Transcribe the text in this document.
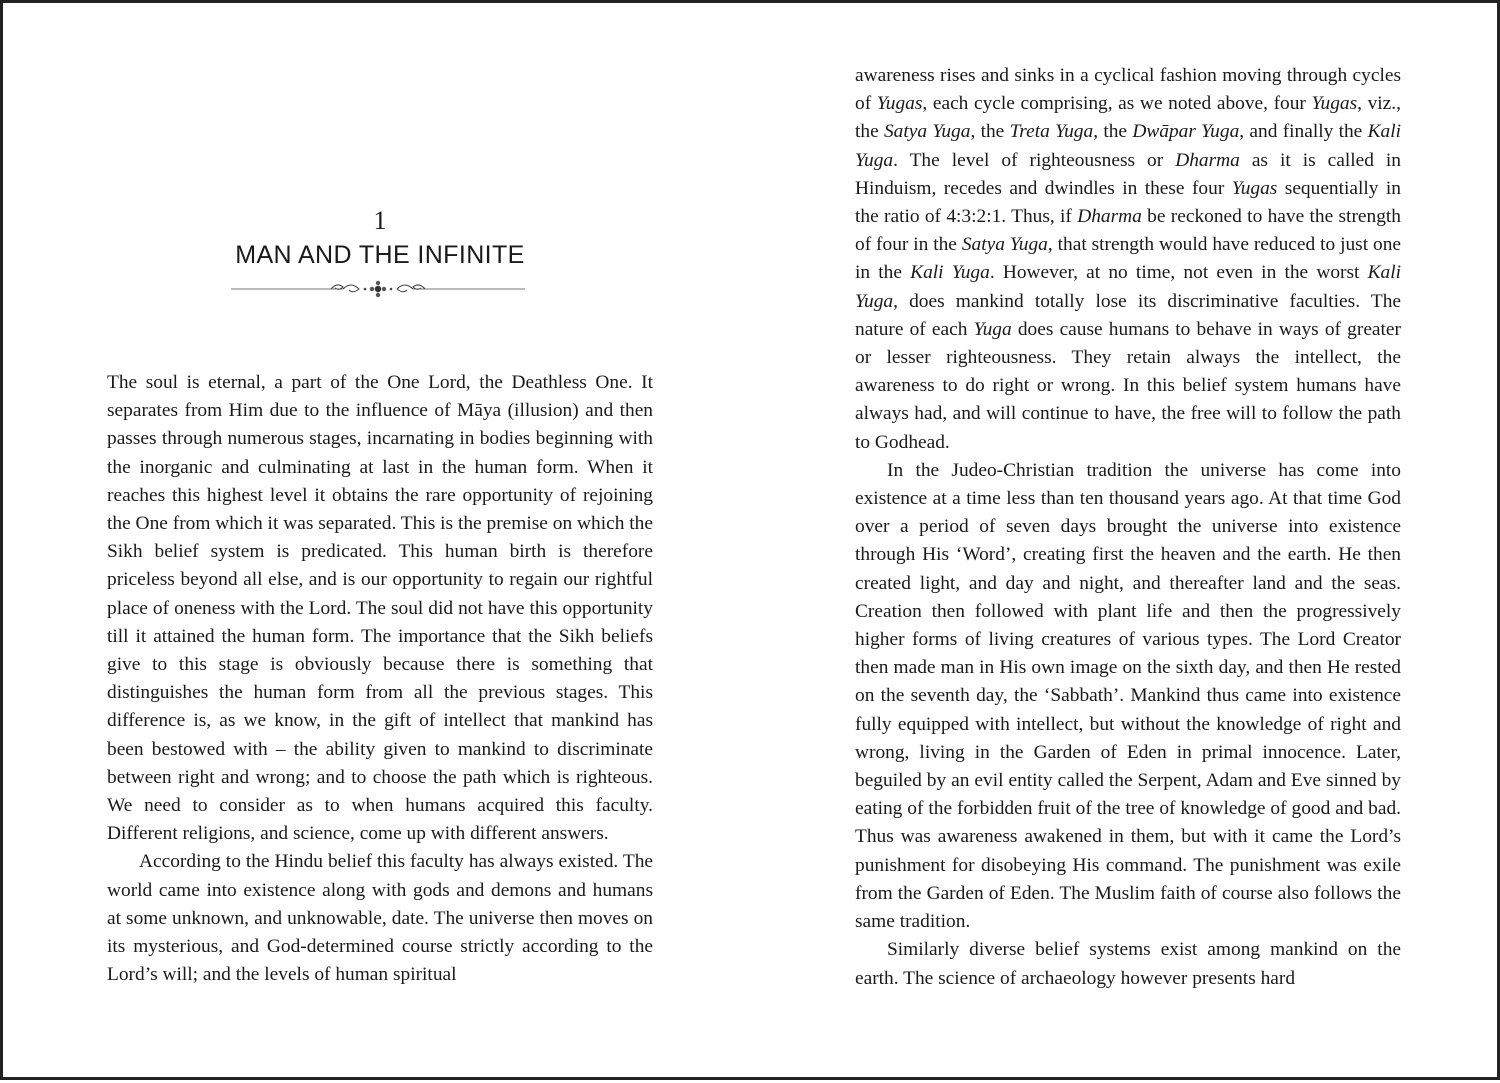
1
MAN AND THE INFINITE

The soul is eternal, a part of the One Lord, the Deathless One. It separates from Him due to the influence of Māya (illusion) and then passes through numerous stages, incarnating in bodies beginning with the inorganic and culminating at last in the human form. When it reaches this highest level it obtains the rare opportunity of rejoining the One from which it was separated. This is the premise on which the Sikh belief system is predicated. This human birth is therefore priceless beyond all else, and is our opportunity to regain our rightful place of oneness with the Lord. The soul did not have this opportunity till it attained the human form. The importance that the Sikh beliefs give to this stage is obviously because there is something that distinguishes the human form from all the previous stages. This difference is, as we know, in the gift of intellect that mankind has been bestowed with – the ability given to mankind to discriminate between right and wrong; and to choose the path which is righteous. We need to consider as to when humans acquired this faculty. Different religions, and science, come up with different answers.

According to the Hindu belief this faculty has always existed. The world came into existence along with gods and demons and humans at some unknown, and unknowable, date. The universe then moves on its mysterious, and God-determined course strictly according to the Lord’s will; and the levels of human spiritual

awareness rises and sinks in a cyclical fashion moving through cycles of Yugas, each cycle comprising, as we noted above, four Yugas, viz., the Satya Yuga, the Treta Yuga, the Dwāpar Yuga, and finally the Kali Yuga. The level of righteousness or Dharma as it is called in Hinduism, recedes and dwindles in these four Yugas sequentially in the ratio of 4:3:2:1. Thus, if Dharma be reckoned to have the strength of four in the Satya Yuga, that strength would have reduced to just one in the Kali Yuga. However, at no time, not even in the worst Kali Yuga, does mankind totally lose its discriminative faculties. The nature of each Yuga does cause humans to behave in ways of greater or lesser righteousness. They retain always the intellect, the awareness to do right or wrong. In this belief system humans have always had, and will continue to have, the free will to follow the path to Godhead.

In the Judeo-Christian tradition the universe has come into existence at a time less than ten thousand years ago. At that time God over a period of seven days brought the universe into existence through His ‘Word’, creating first the heaven and the earth. He then created light, and day and night, and thereafter land and the seas. Creation then followed with plant life and then the progressively higher forms of living creatures of various types. The Lord Creator then made man in His own image on the sixth day, and then He rested on the seventh day, the ‘Sabbath’. Mankind thus came into existence fully equipped with intellect, but without the knowledge of right and wrong, living in the Garden of Eden in primal innocence. Later, beguiled by an evil entity called the Serpent, Adam and Eve sinned by eating of the forbidden fruit of the tree of knowledge of good and bad. Thus was awareness awakened in them, but with it came the Lord’s punishment for disobeying His command. The punishment was exile from the Garden of Eden. The Muslim faith of course also follows the same tradition.

Similarly diverse belief systems exist among mankind on the earth. The science of archaeology however presents hard
